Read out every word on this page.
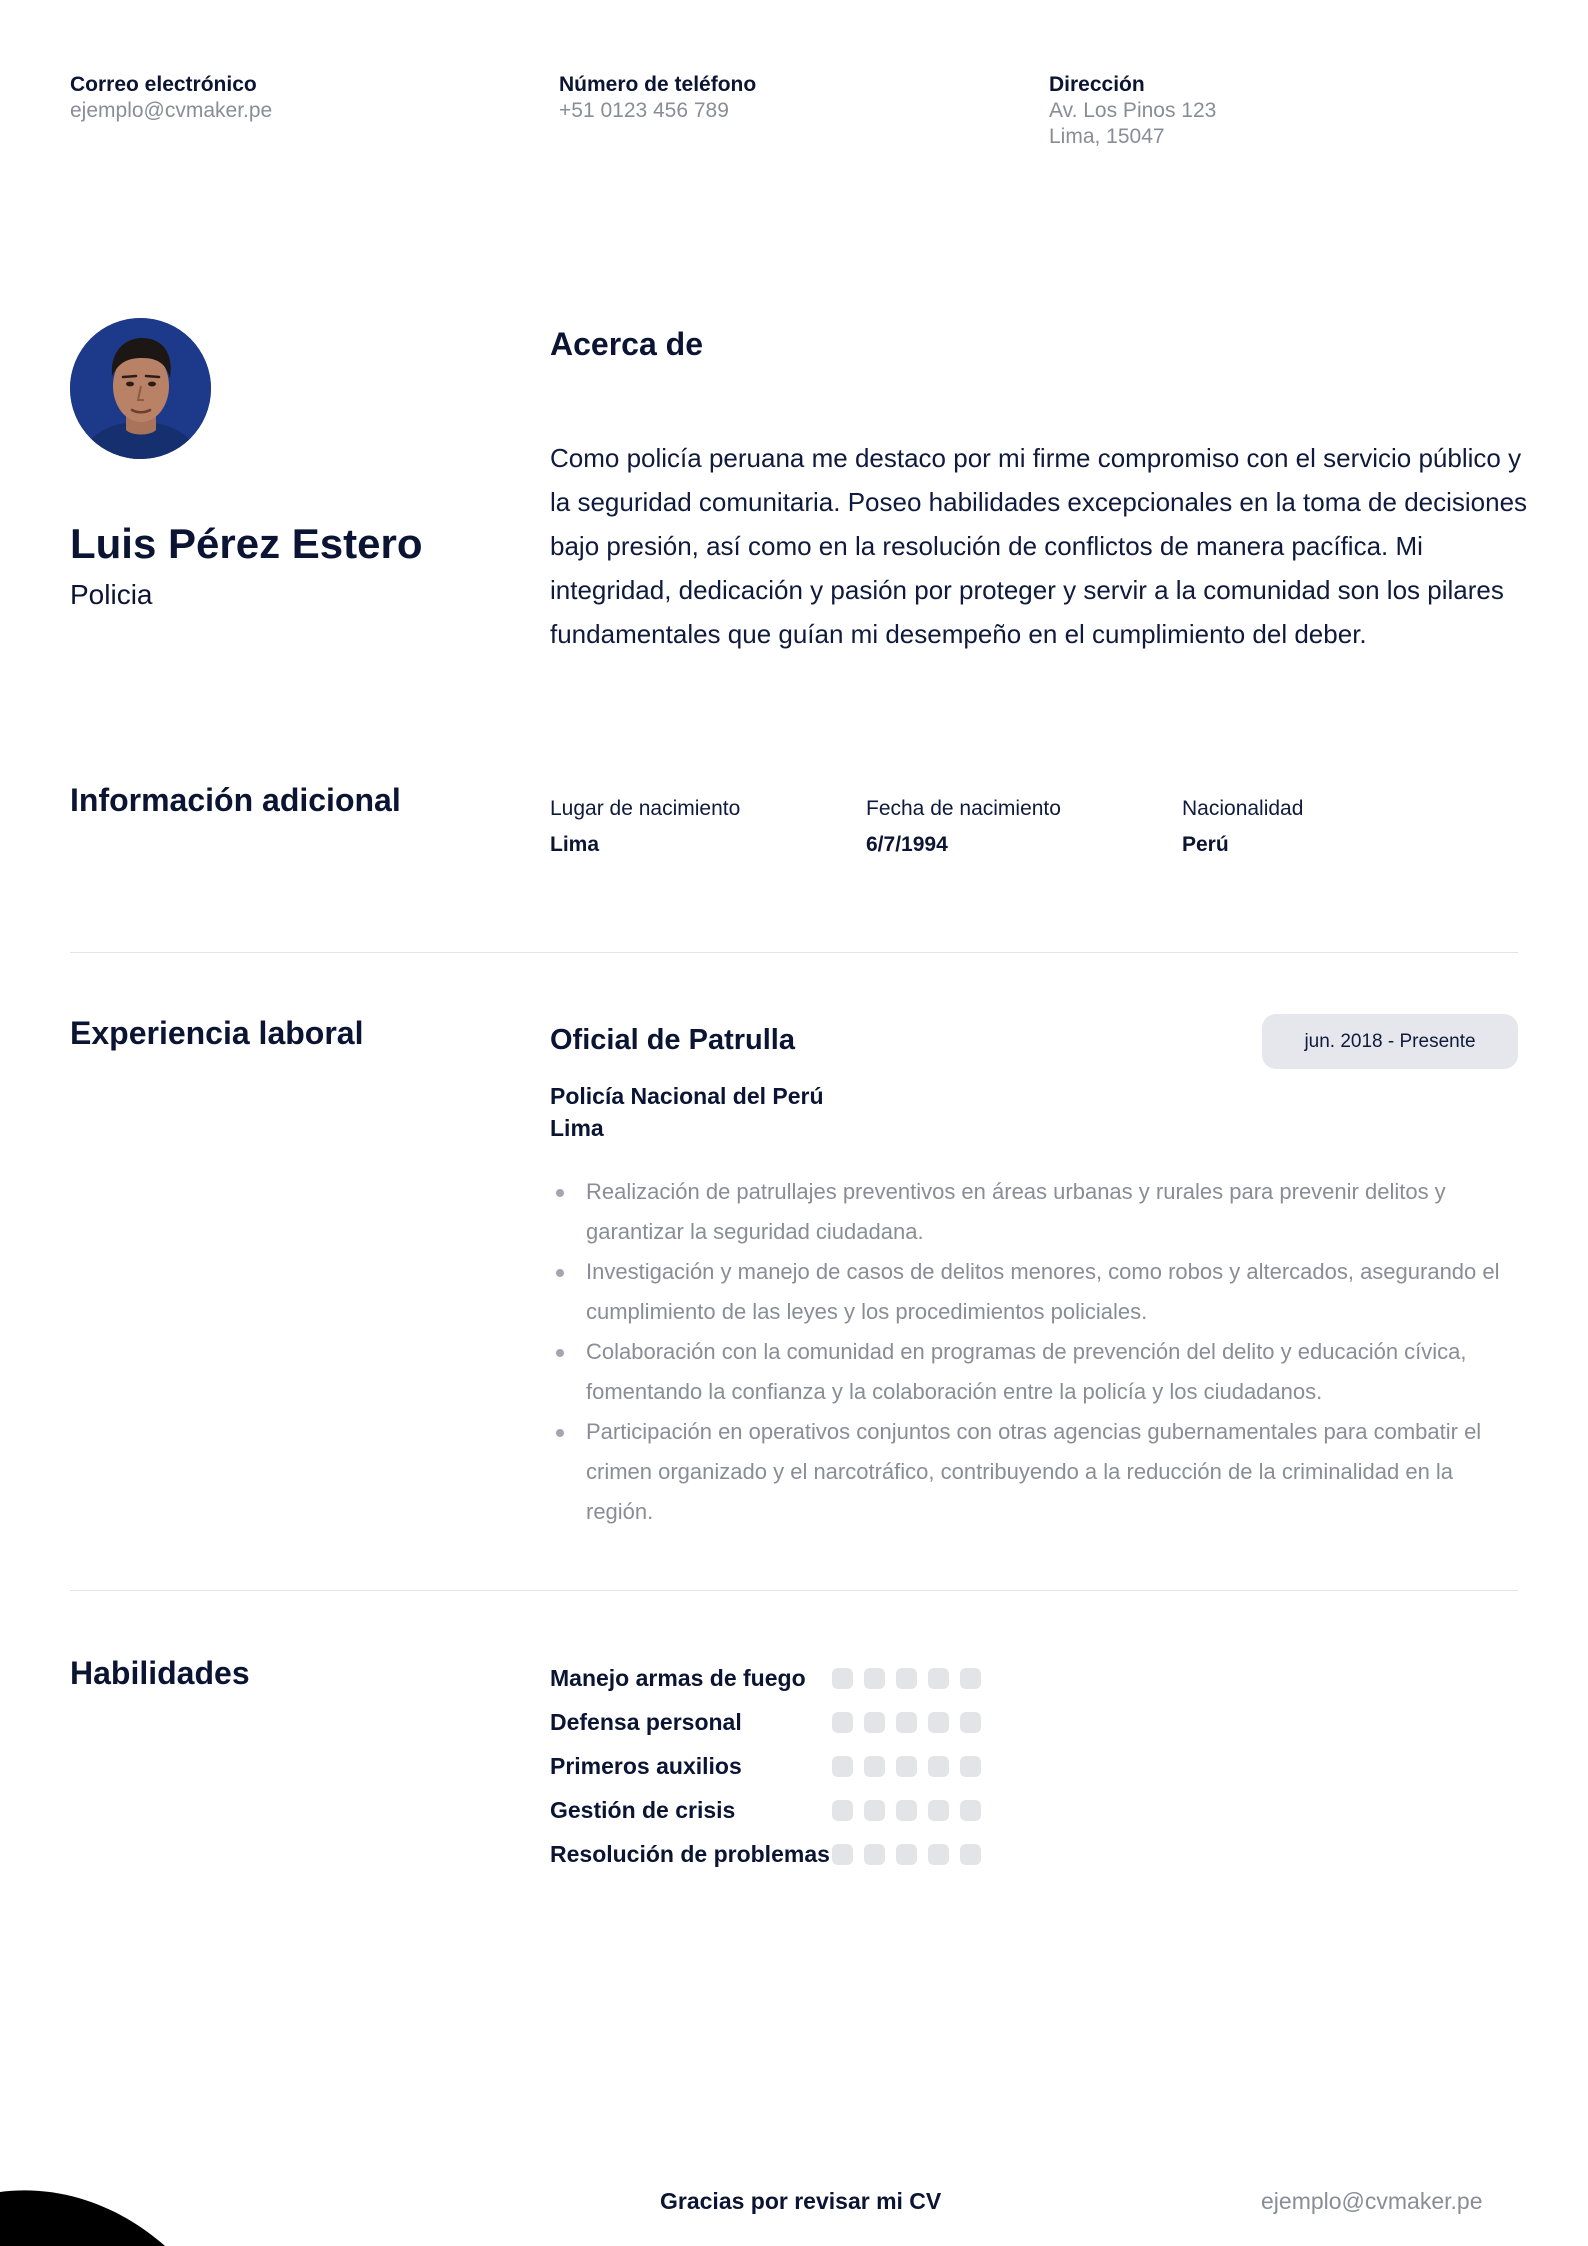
Correo electrónico
ejemplo@cvmaker.pe
Número de teléfono
+51 0123 456 789
Dirección
Av. Los Pinos 123
Lima, 15047
Luis Pérez Estero
Policia
Acerca de
Como policía peruana me destaco por mi firme compromiso con el servicio público y la seguridad comunitaria. Poseo habilidades excepcionales en la toma de decisiones bajo presión, así como en la resolución de conflictos de manera pacífica. Mi integridad, dedicación y pasión por proteger y servir a la comunidad son los pilares fundamentales que guían mi desempeño en el cumplimiento del deber.
Información adicional	Lugar de nacimiento
Lima
Fecha de nacimiento
6/7/1994
Nacionalidad
Perú
Experiencia laboral	Oficial de Patrulla	jun. 2018 - Presente
Policía Nacional del Perú
Lima
Realización de patrullajes preventivos en áreas urbanas y rurales para prevenir delitos y garantizar la seguridad ciudadana.
Investigación y manejo de casos de delitos menores, como robos y altercados, asegurando el cumplimiento de las leyes y los procedimientos policiales.
Colaboración con la comunidad en programas de prevención del delito y educación cívica, fomentando la confianza y la colaboración entre la policía y los ciudadanos.
Participación en operativos conjuntos con otras agencias gubernamentales para combatir el crimen organizado y el narcotráfico, contribuyendo a la reducción de la criminalidad en la región.
Habilidades	Manejo armas de fuego
Defensa personal
Primeros auxilios
Gestión de crisis
Resolución de problemas
Gracias por revisar mi CV	ejemplo@cvmaker.pe
